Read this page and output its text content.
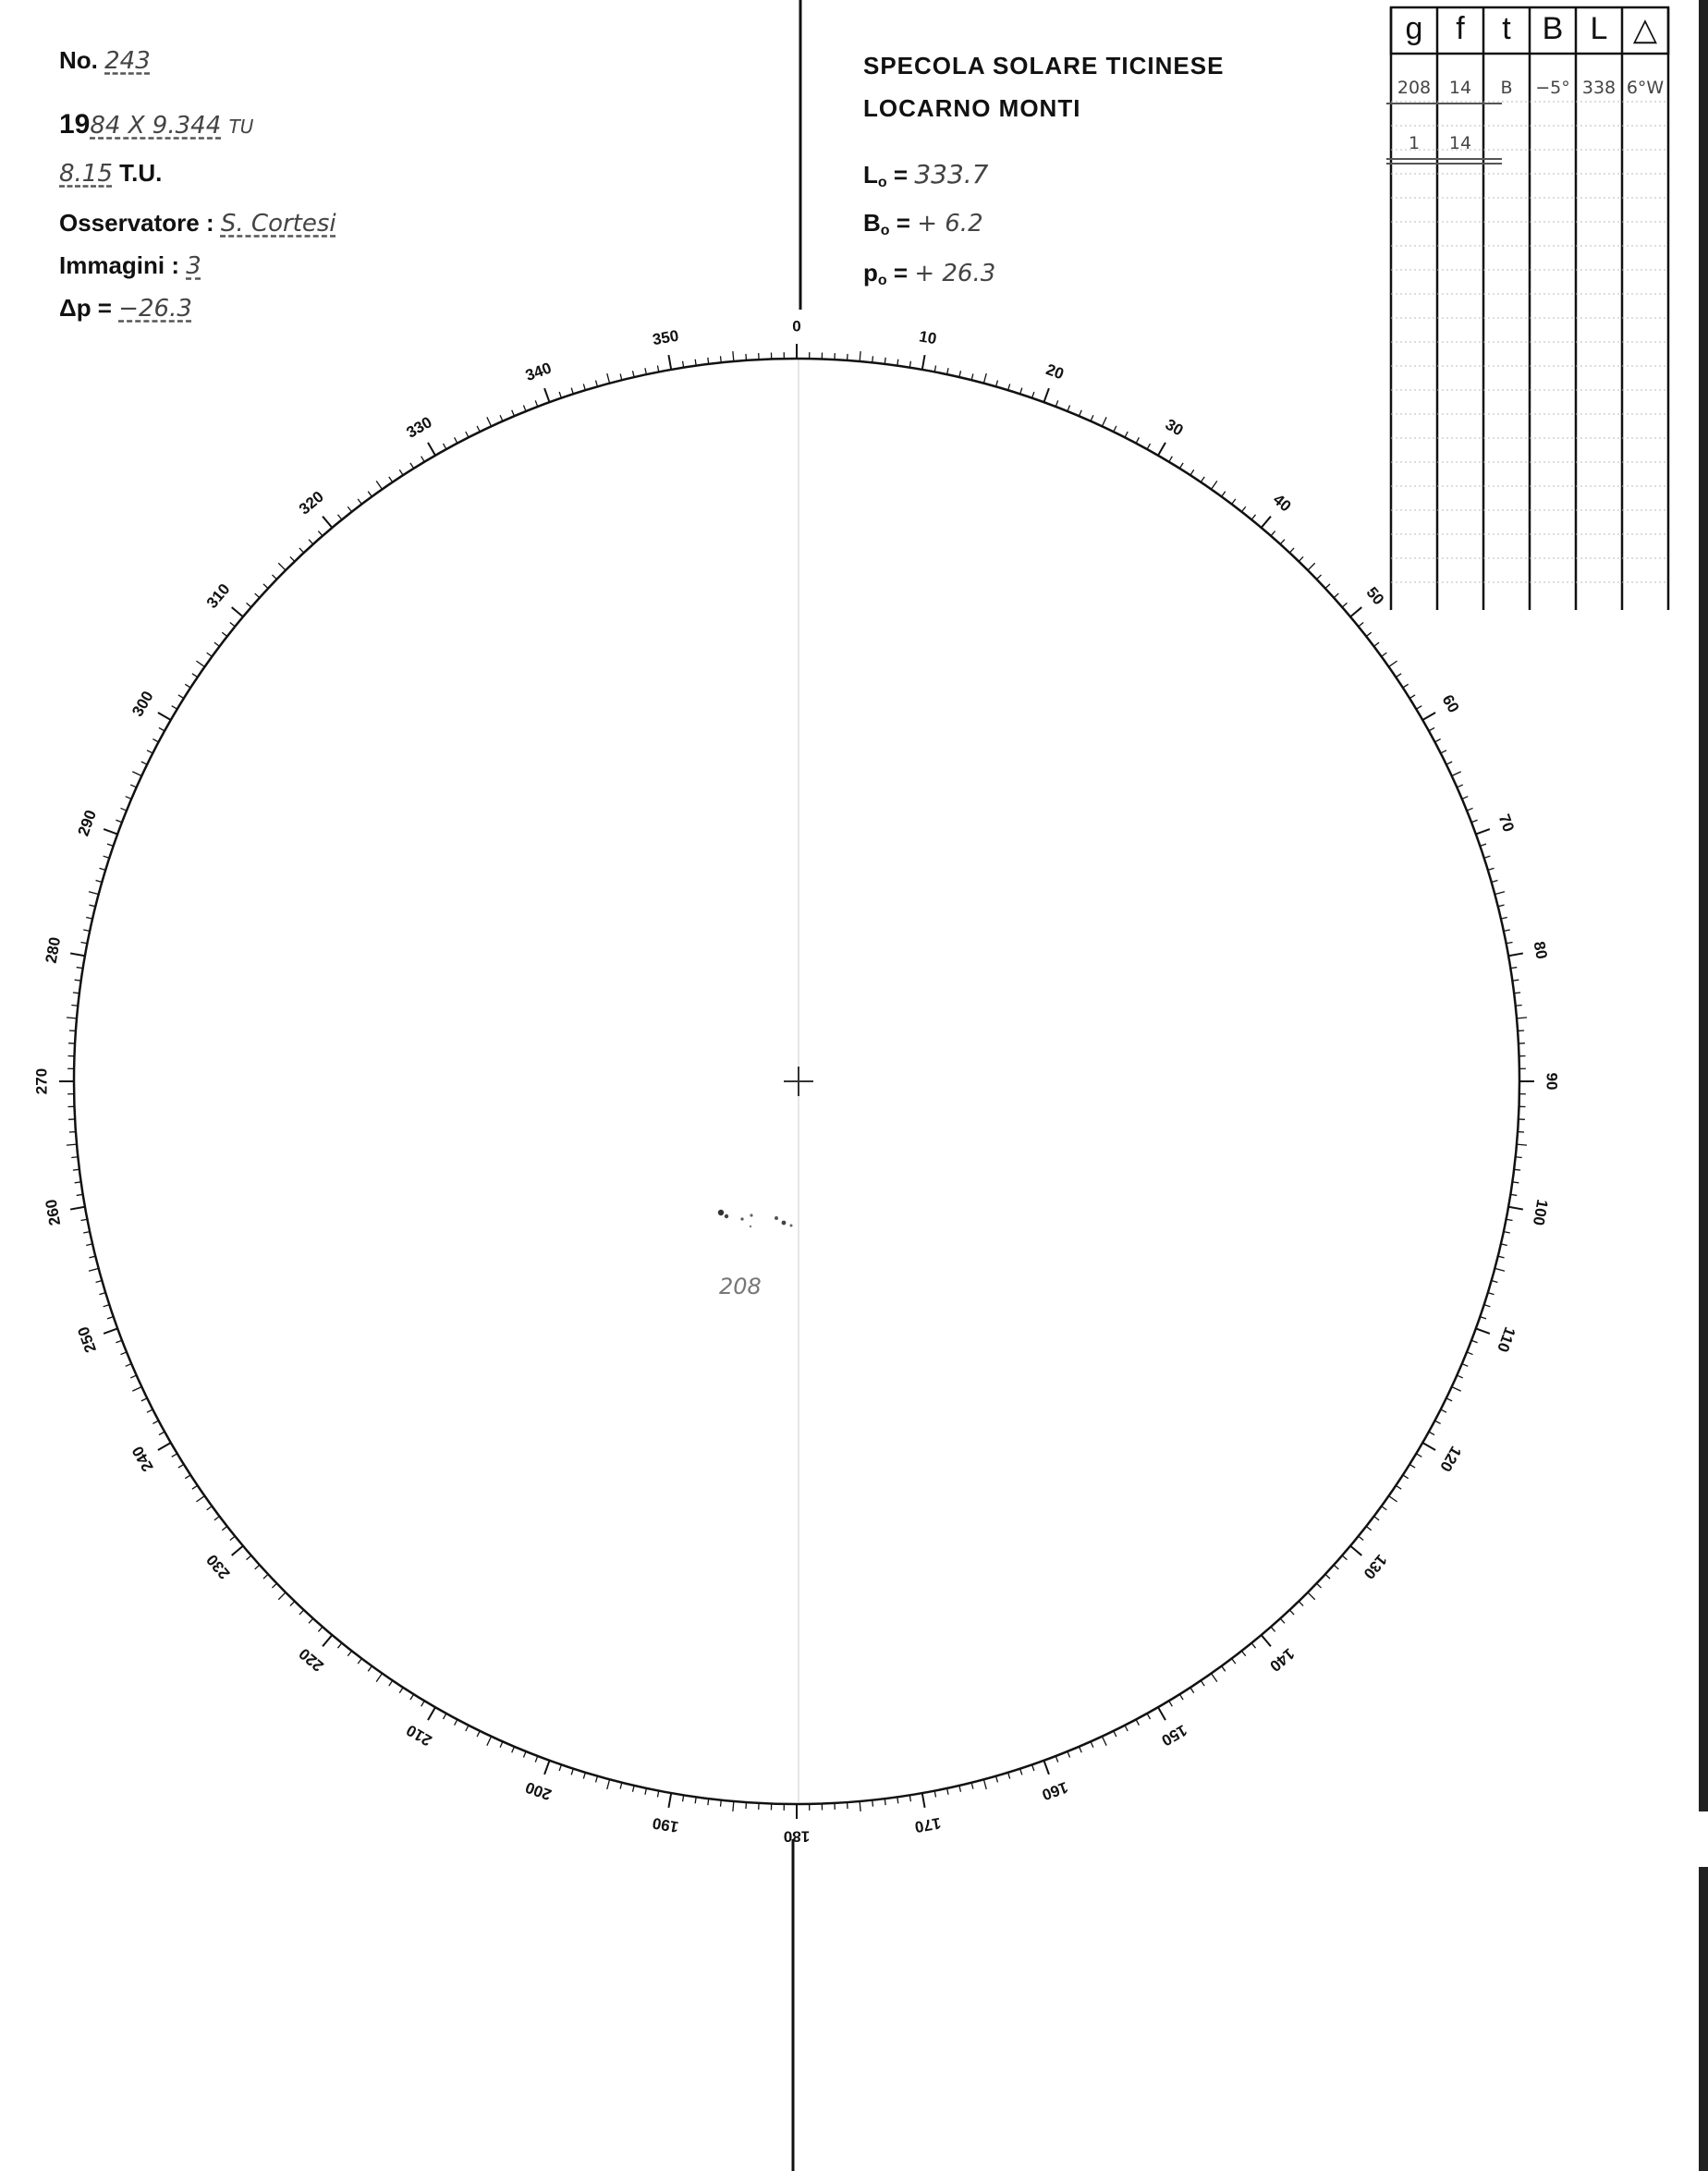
No. 243
1984 X 9.344 TU
8.15 T.U.
Osservatore : S. Cortesi
Immagini : 3
Δp = −26.3
SPECOLA SOLARE TICINESE
LOCARNO MONTI
$L_o = 333.7$
$B_o$ = + 6.2
$p_o$ = + 26.3
0
10
20
30
40
50
60
70
80
90
100
110
120
130
140
150
160
170
180
190
200
210
220
230
240
250
260
270
280
290
300
310
320
330
340
350
g	f	t B L △
208	14	B	−5° 338 6°W
1	14
208
